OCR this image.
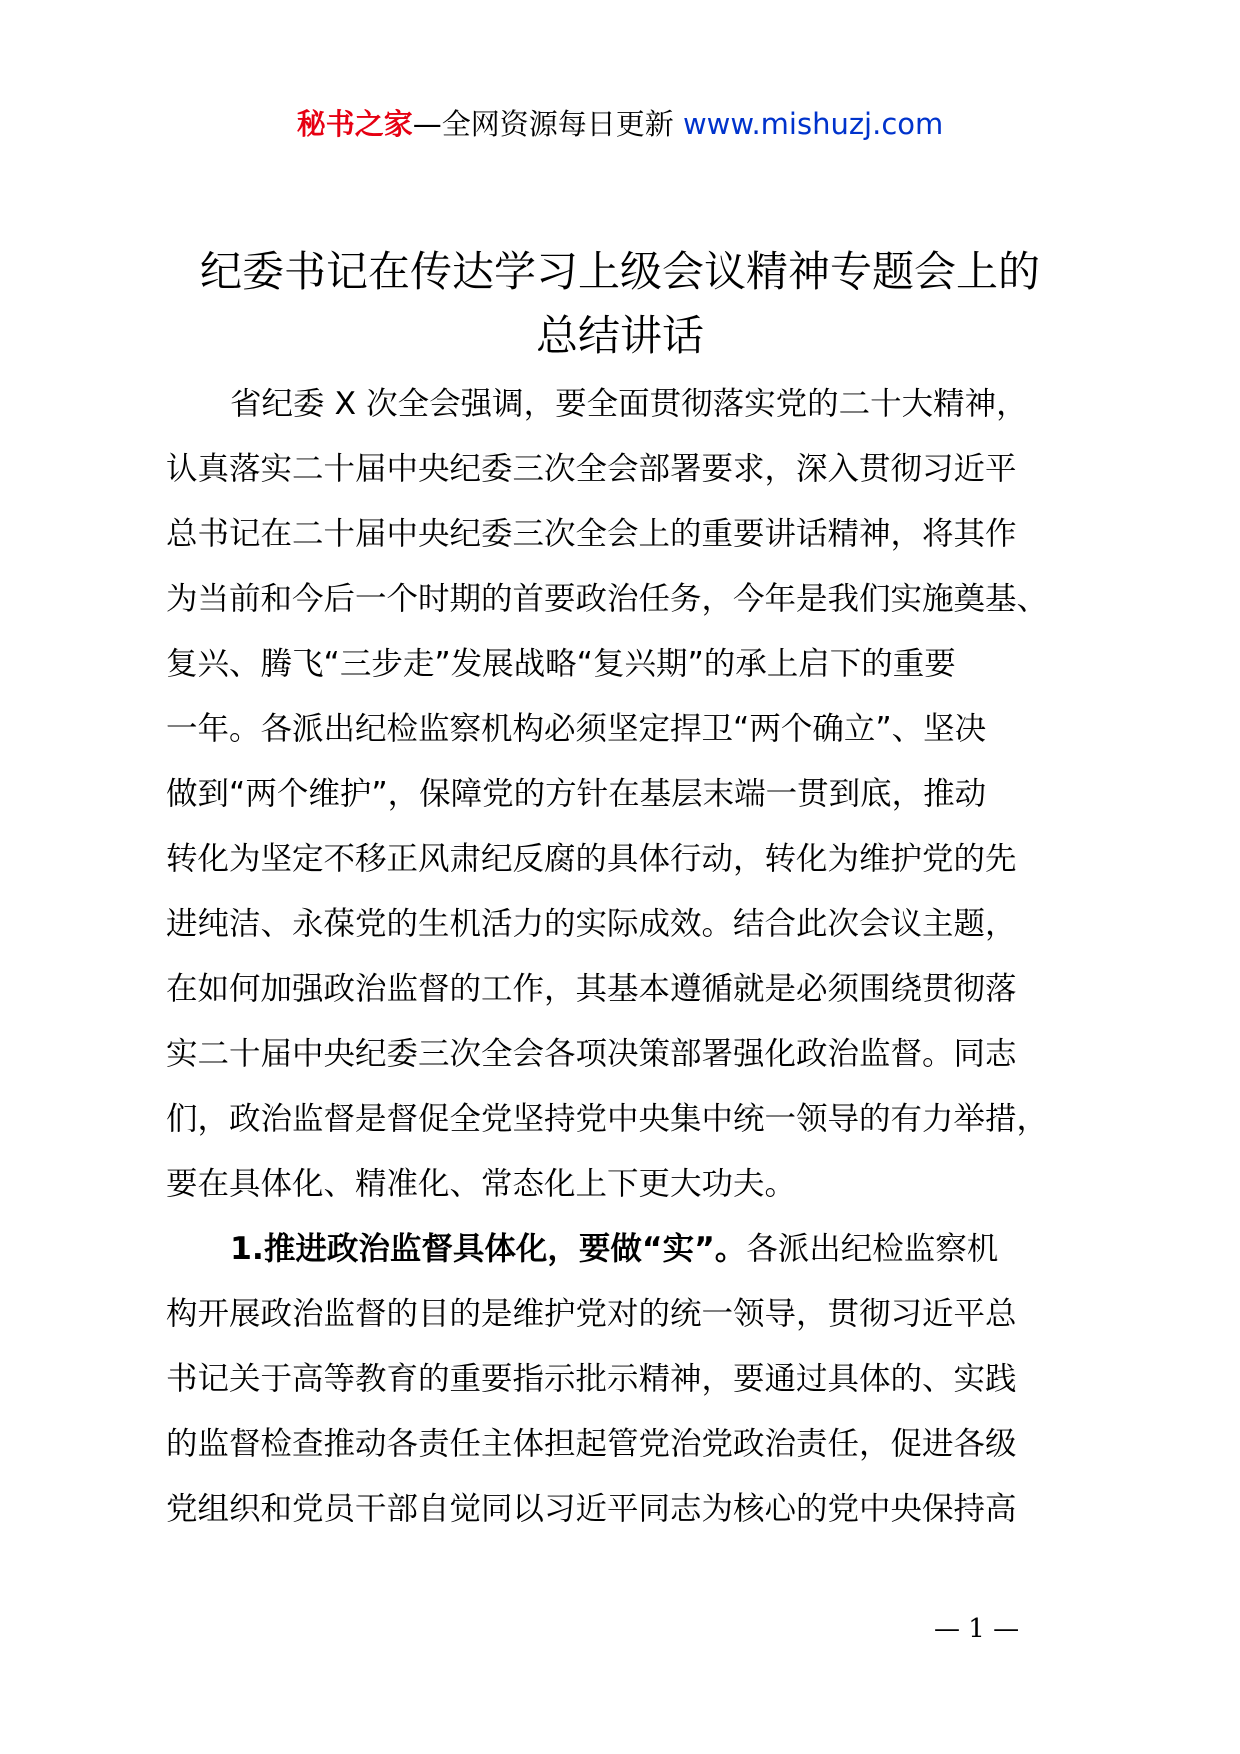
秘书之家—全网资源每日更新 www.mishuzj.com
纪委书记在传达学习上级会议精神专题会上的
总结讲话
省纪委 X 次全会强调，要全面贯彻落实党的二十大精神，
认真落实二十届中央纪委三次全会部署要求，深入贯彻习近平
总书记在二十届中央纪委三次全会上的重要讲话精神，将其作
为当前和今后一个时期的首要政治任务，今年是我们实施奠基、
复兴、腾飞“三步走”发展战略“复兴期”的承上启下的重要
一年。各派出纪检监察机构必须坚定捍卫“两个确立”、坚决
做到“两个维护”，保障党的方针在基层末端一贯到底，推动
转化为坚定不移正风肃纪反腐的具体行动，转化为维护党的先
进纯洁、永葆党的生机活力的实际成效。结合此次会议主题，
在如何加强政治监督的工作，其基本遵循就是必须围绕贯彻落
实二十届中央纪委三次全会各项决策部署强化政治监督。同志
们，政治监督是督促全党坚持党中央集中统一领导的有力举措，
要在具体化、精准化、常态化上下更大功夫。
1.推进政治监督具体化，要做“实”。各派出纪检监察机
构开展政治监督的目的是维护党对的统一领导，贯彻习近平总
书记关于高等教育的重要指示批示精神，要通过具体的、实践
的监督检查推动各责任主体担起管党治党政治责任，促进各级
党组织和党员干部自觉同以习近平同志为核心的党中央保持高
— 1 —
